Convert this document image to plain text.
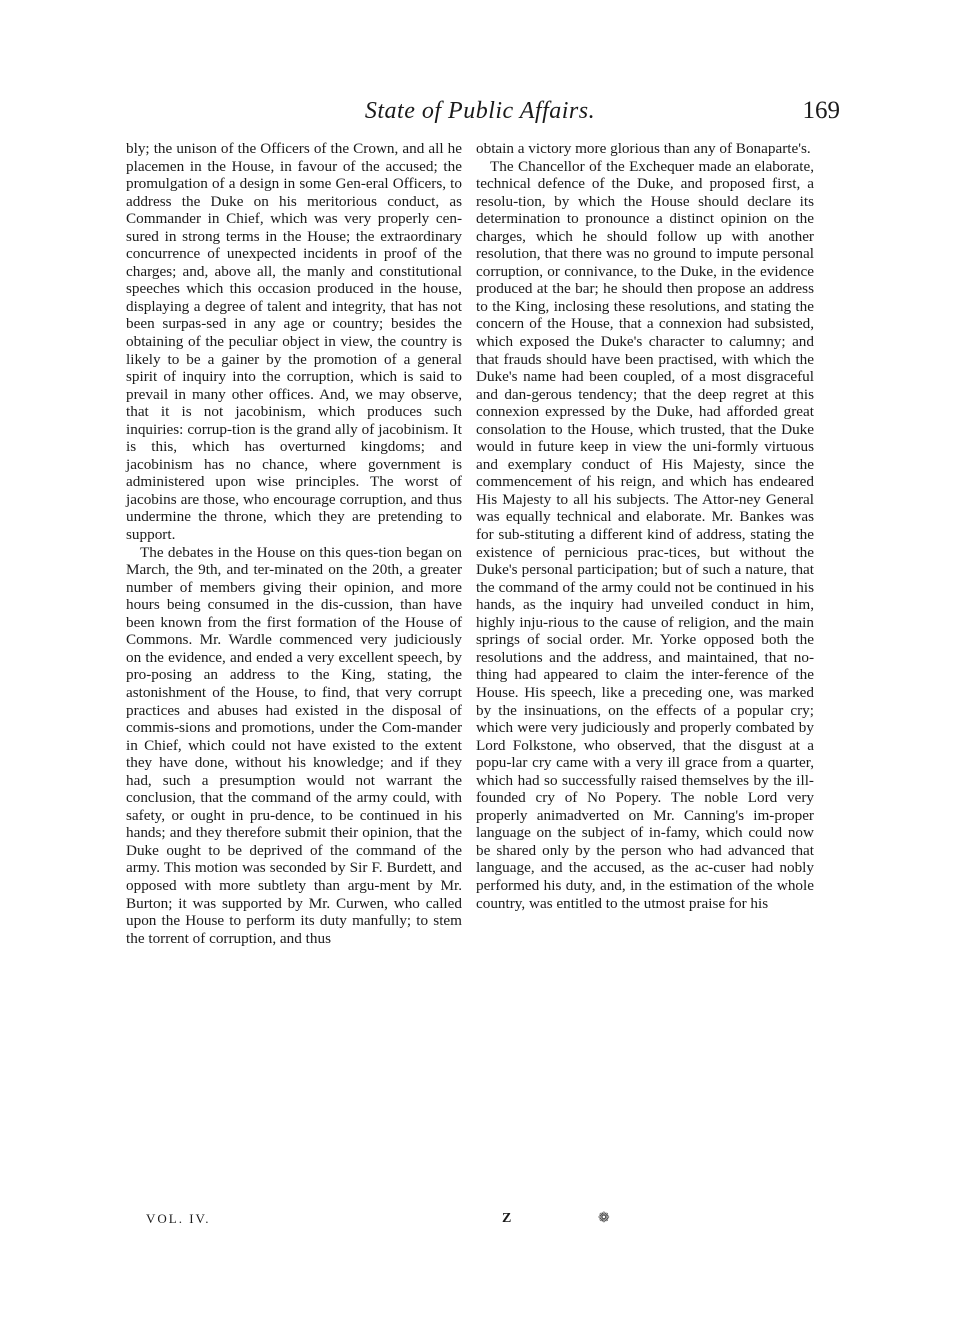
State of Public Affairs.	169

bly; the unison of the Officers of the Crown, and all he placemen in the House, in favour of the accused; the promulgation of a design in some Gen-eral Officers, to address the Duke on his meritorious conduct, as Commander in Chief, which was very properly cen-sured in strong terms in the House; the extraordinary concurrence of unexpected incidents in proof of the charges; and, above all, the manly and constitutional speeches which this occasion produced in the house, displaying a degree of talent and integrity, that has not been surpas-sed in any age or country; besides the obtaining of the peculiar object in view, the country is likely to be a gainer by the promotion of a general spirit of inquiry into the corruption, which is said to prevail in many other offices. And, we may observe, that it is not jacobinism, which produces such inquiries: corrup-tion is the grand ally of jacobinism. It is this, which has overturned kingdoms; and jacobinism has no chance, where government is administered upon wise principles. The worst of jacobins are those, who encourage corruption, and thus undermine the throne, which they are pretending to support.

The debates in the House on this ques-tion began on March, the 9th, and ter-minated on the 20th, a greater number of members giving their opinion, and more hours being consumed in the dis-cussion, than have been known from the first formation of the House of Commons. Mr. Wardle commenced very judiciously on the evidence, and ended a very excellent speech, by pro-posing an address to the King, stating, the astonishment of the House, to find, that very corrupt practices and abuses had existed in the disposal of commis-sions and promotions, under the Com-mander in Chief, which could not have existed to the extent they have done, without his knowledge; and if they had, such a presumption would not warrant the conclusion, that the command of the army could, with safety, or ought in pru-dence, to be continued in his hands; and they therefore submit their opinion, that the Duke ought to be deprived of the command of the army. This motion was seconded by Sir F. Burdett, and opposed with more subtlety than argu-ment by Mr. Burton; it was supported by Mr. Curwen, who called upon the House to perform its duty manfully; to stem the torrent of corruption, and thus

obtain a victory more glorious than any of Bonaparte's.

The Chancellor of the Exchequer made an elaborate, technical defence of the Duke, and proposed first, a resolu-tion, by which the House should declare its determination to pronounce a distinct opinion on the charges, which he should follow up with another resolution, that there was no ground to impute personal corruption, or connivance, to the Duke, in the evidence produced at the bar; he should then propose an address to the King, inclosing these resolutions, and stating the concern of the House, that a connexion had subsisted, which exposed the Duke's character to calumny; and that frauds should have been practised, with which the Duke's name had been coupled, of a most disgraceful and dan-gerous tendency; that the deep regret at this connexion expressed by the Duke, had afforded great consolation to the House, which trusted, that the Duke would in future keep in view the uni-formly virtuous and exemplary conduct of His Majesty, since the commencement of his reign, and which has endeared His Majesty to all his subjects. The Attor-ney General was equally technical and elaborate. Mr. Bankes was for sub-stituting a different kind of address, stating the existence of pernicious prac-tices, but without the Duke's personal participation; but of such a nature, that the command of the army could not be continued in his hands, as the inquiry had unveiled conduct in him, highly inju-rious to the cause of religion, and the main springs of social order. Mr. Yorke opposed both the resolutions and the address, and maintained, that no-thing had appeared to claim the inter-ference of the House. His speech, like a preceding one, was marked by the insinuations, on the effects of a popular cry; which were very judiciously and properly combated by Lord Folkstone, who observed, that the disgust at a popu-lar cry came with a very ill grace from a quarter, which had so successfully raised themselves by the ill-founded cry of No Popery. The noble Lord very properly animadverted on Mr. Canning's im-proper language on the subject of in-famy, which could now be shared only by the person who had advanced that language, and the accused, as the ac-cuser had nobly performed his duty, and, in the estimation of the whole country, was entitled to the utmost praise for his

VOL. IV.	Z	❁
